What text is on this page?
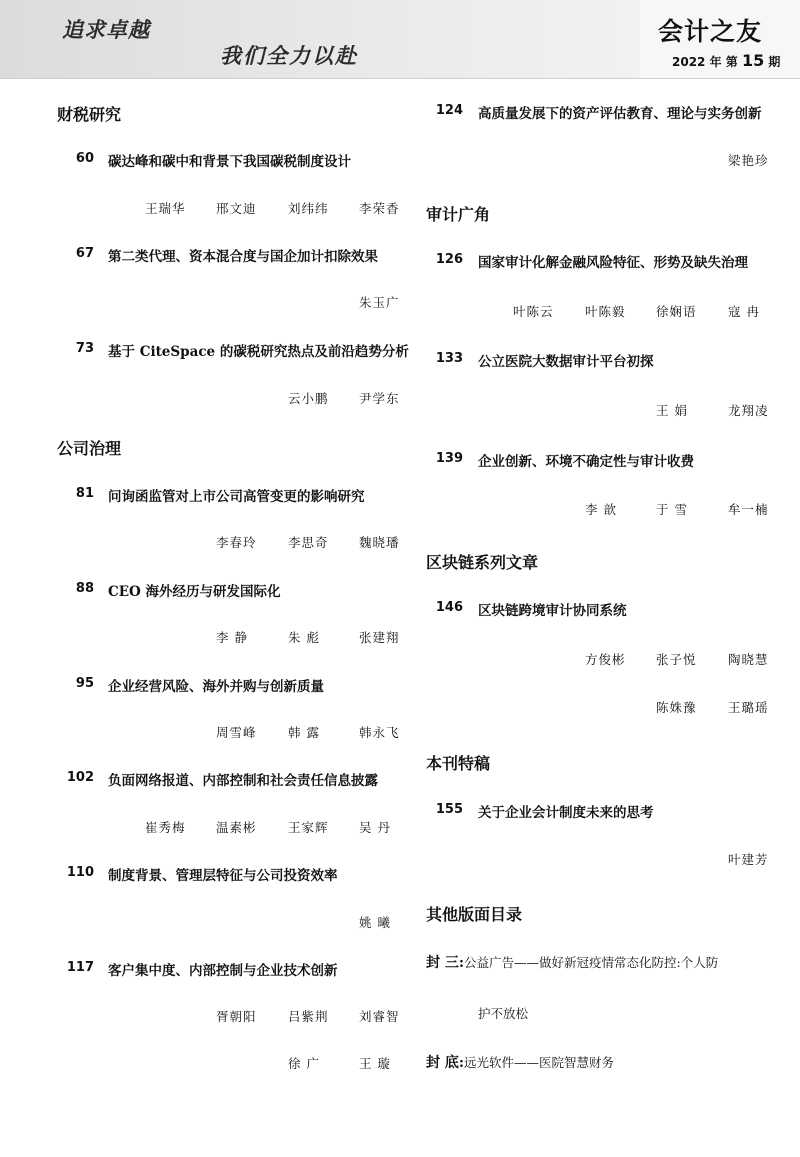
追求卓越
我们全力以赴
会计之友
2022 年 第 15 期
财税研究
60 碳达峰和碳中和背景下我国碳税制度设计
王瑞华 邢文迪	刘纬纬 李荣香
67 第二类代理、资本混合度与国企加计扣除效果
朱玉广
73 基于 CiteSpace 的碳税研究热点及前沿趋势分析
云小鹏 尹学东
公司治理
81 问询函监管对上市公司高管变更的影响研究
李春玲	李思奇 魏晓璠
88 CEO 海外经历与研发国际化
李 静	朱 彪	张建翔
95 企业经营风险、海外并购与创新质量
周雪峰	韩 露	韩永飞
102 负面网络报道、内部控制和社会责任信息披露
崔秀梅 温素彬	王家辉 吴 丹
110 制度背景、管理层特征与公司投资效率
姚 曦
117 客户集中度、内部控制与企业技术创新
胥朝阳	吕紫荆 刘睿智
徐 广	王 璇
124 高质量发展下的资产评估教育、理论与实务创新
梁艳珍
审计广角
126 国家审计化解金融风险特征、形势及缺失治理
叶陈云	叶陈毅 徐娴语	寇 冉
133 公立医院大数据审计平台初探
王 娟	龙翔凌
139 企业创新、环境不确定性与审计收费
李 歆	于 雪	牟一楠
区块链系列文章
146 区块链跨境审计协同系统
方俊彬 张子悦	陶晓慧
陈姝豫	王璐瑶
本刊特稿
155 关于企业会计制度未来的思考
叶建芳
其他版面目录
封 三:公益广告——做好新冠疫情常态化防控:个人防
护不放松
封 底:远光软件——医院智慧财务
